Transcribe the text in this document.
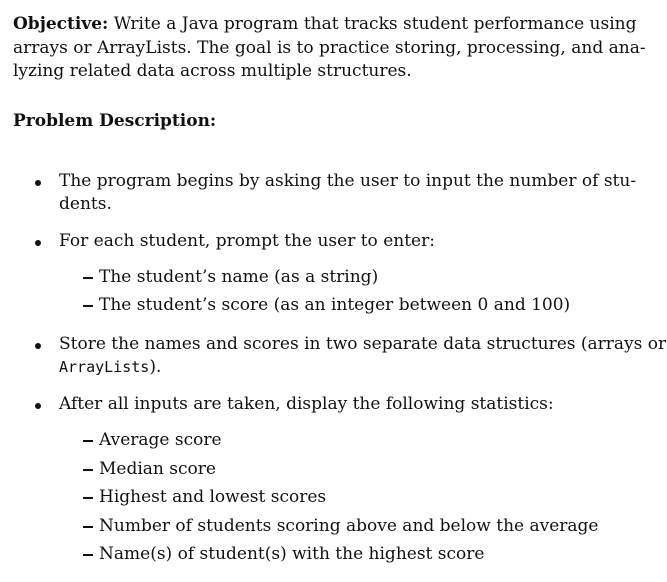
Objective: Write a Java program that tracks student performance using
arrays or ArrayLists. The goal is to practice storing, processing, and ana-
lyzing related data across multiple structures.
Problem Description:
The program begins by asking the user to input the number of stu-
dents.
For each student, prompt the user to enter:
The student’s name (as a string)
The student’s score (as an integer between 0 and 100)
Store the names and scores in two separate data structures (arrays or
ArrayLists).
After all inputs are taken, display the following statistics:
Average score
Median score
Highest and lowest scores
Number of students scoring above and below the average
Name(s) of student(s) with the highest score
